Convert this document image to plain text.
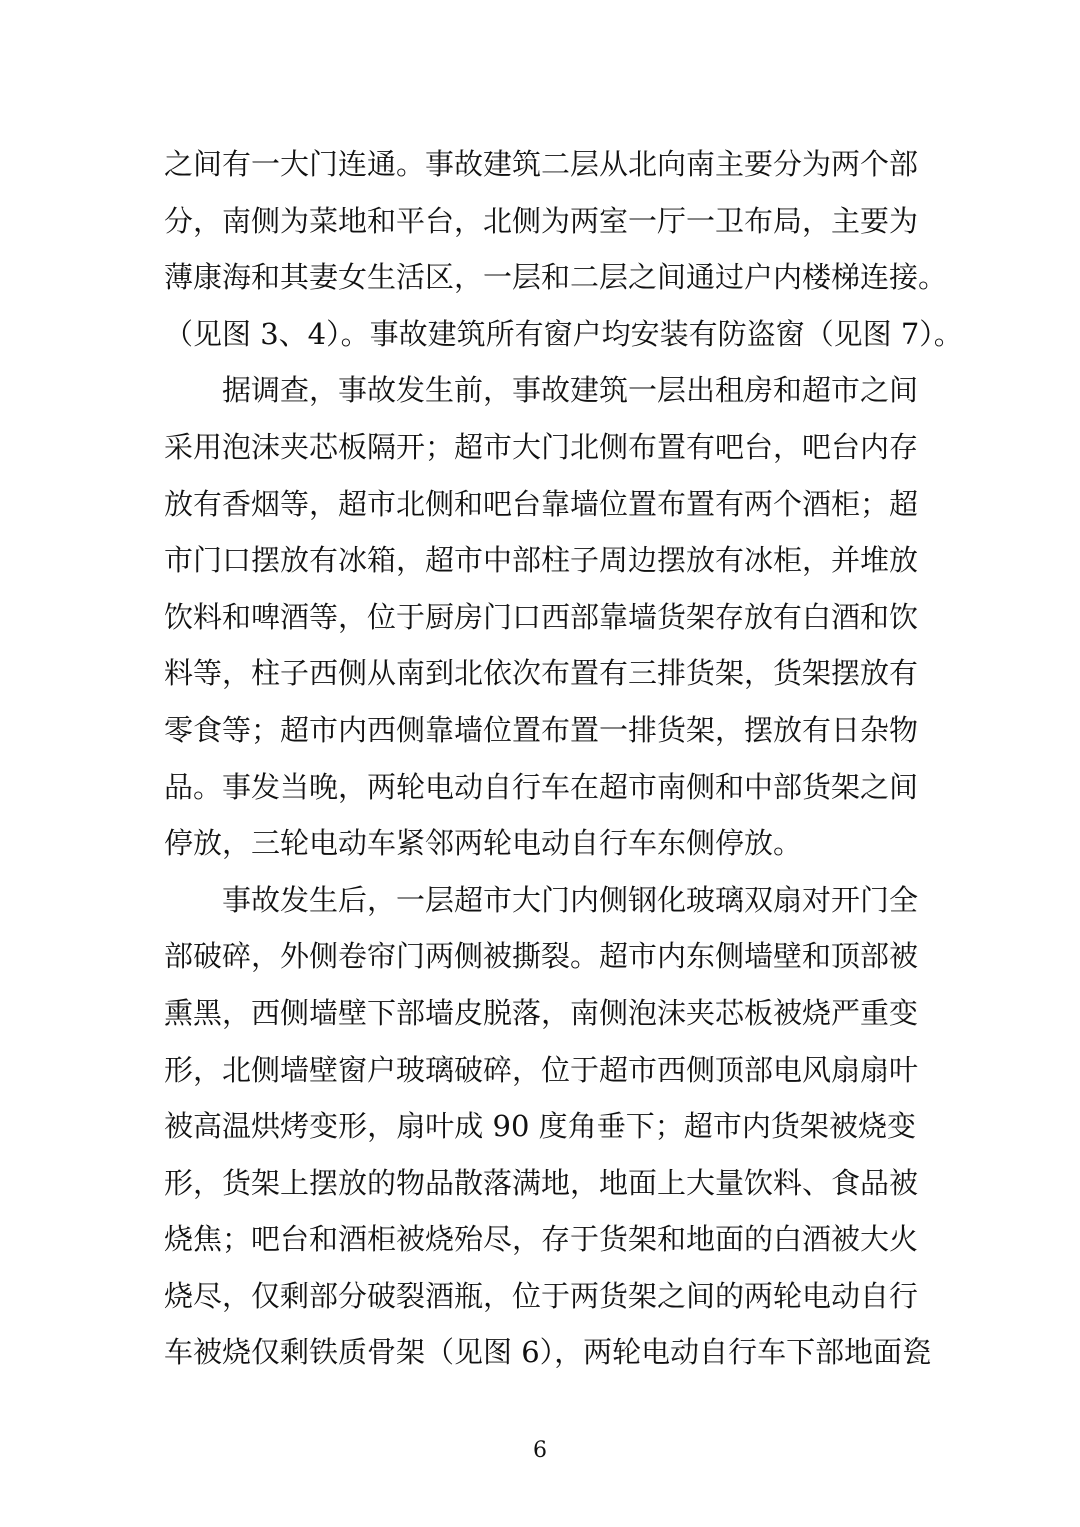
之间有一大门连通。事故建筑二层从北向南主要分为两个部
分，南侧为菜地和平台，北侧为两室一厅一卫布局，主要为
薄康海和其妻女生活区，一层和二层之间通过户内楼梯连接。
（见图 3、4）。事故建筑所有窗户均安装有防盗窗（见图 7）。
　　据调查，事故发生前，事故建筑一层出租房和超市之间
采用泡沫夹芯板隔开；超市大门北侧布置有吧台，吧台内存
放有香烟等，超市北侧和吧台靠墙位置布置有两个酒柜；超
市门口摆放有冰箱，超市中部柱子周边摆放有冰柜，并堆放
饮料和啤酒等，位于厨房门口西部靠墙货架存放有白酒和饮
料等，柱子西侧从南到北依次布置有三排货架，货架摆放有
零食等；超市内西侧靠墙位置布置一排货架，摆放有日杂物
品。事发当晚，两轮电动自行车在超市南侧和中部货架之间
停放，三轮电动车紧邻两轮电动自行车东侧停放。
　　事故发生后，一层超市大门内侧钢化玻璃双扇对开门全
部破碎，外侧卷帘门两侧被撕裂。超市内东侧墙壁和顶部被
熏黑，西侧墙壁下部墙皮脱落，南侧泡沫夹芯板被烧严重变
形，北侧墙壁窗户玻璃破碎，位于超市西侧顶部电风扇扇叶
被高温烘烤变形，扇叶成 90 度角垂下；超市内货架被烧变
形，货架上摆放的物品散落满地，地面上大量饮料、食品被
烧焦；吧台和酒柜被烧殆尽，存于货架和地面的白酒被大火
烧尽，仅剩部分破裂酒瓶，位于两货架之间的两轮电动自行
车被烧仅剩铁质骨架（见图 6），两轮电动自行车下部地面瓷
6
